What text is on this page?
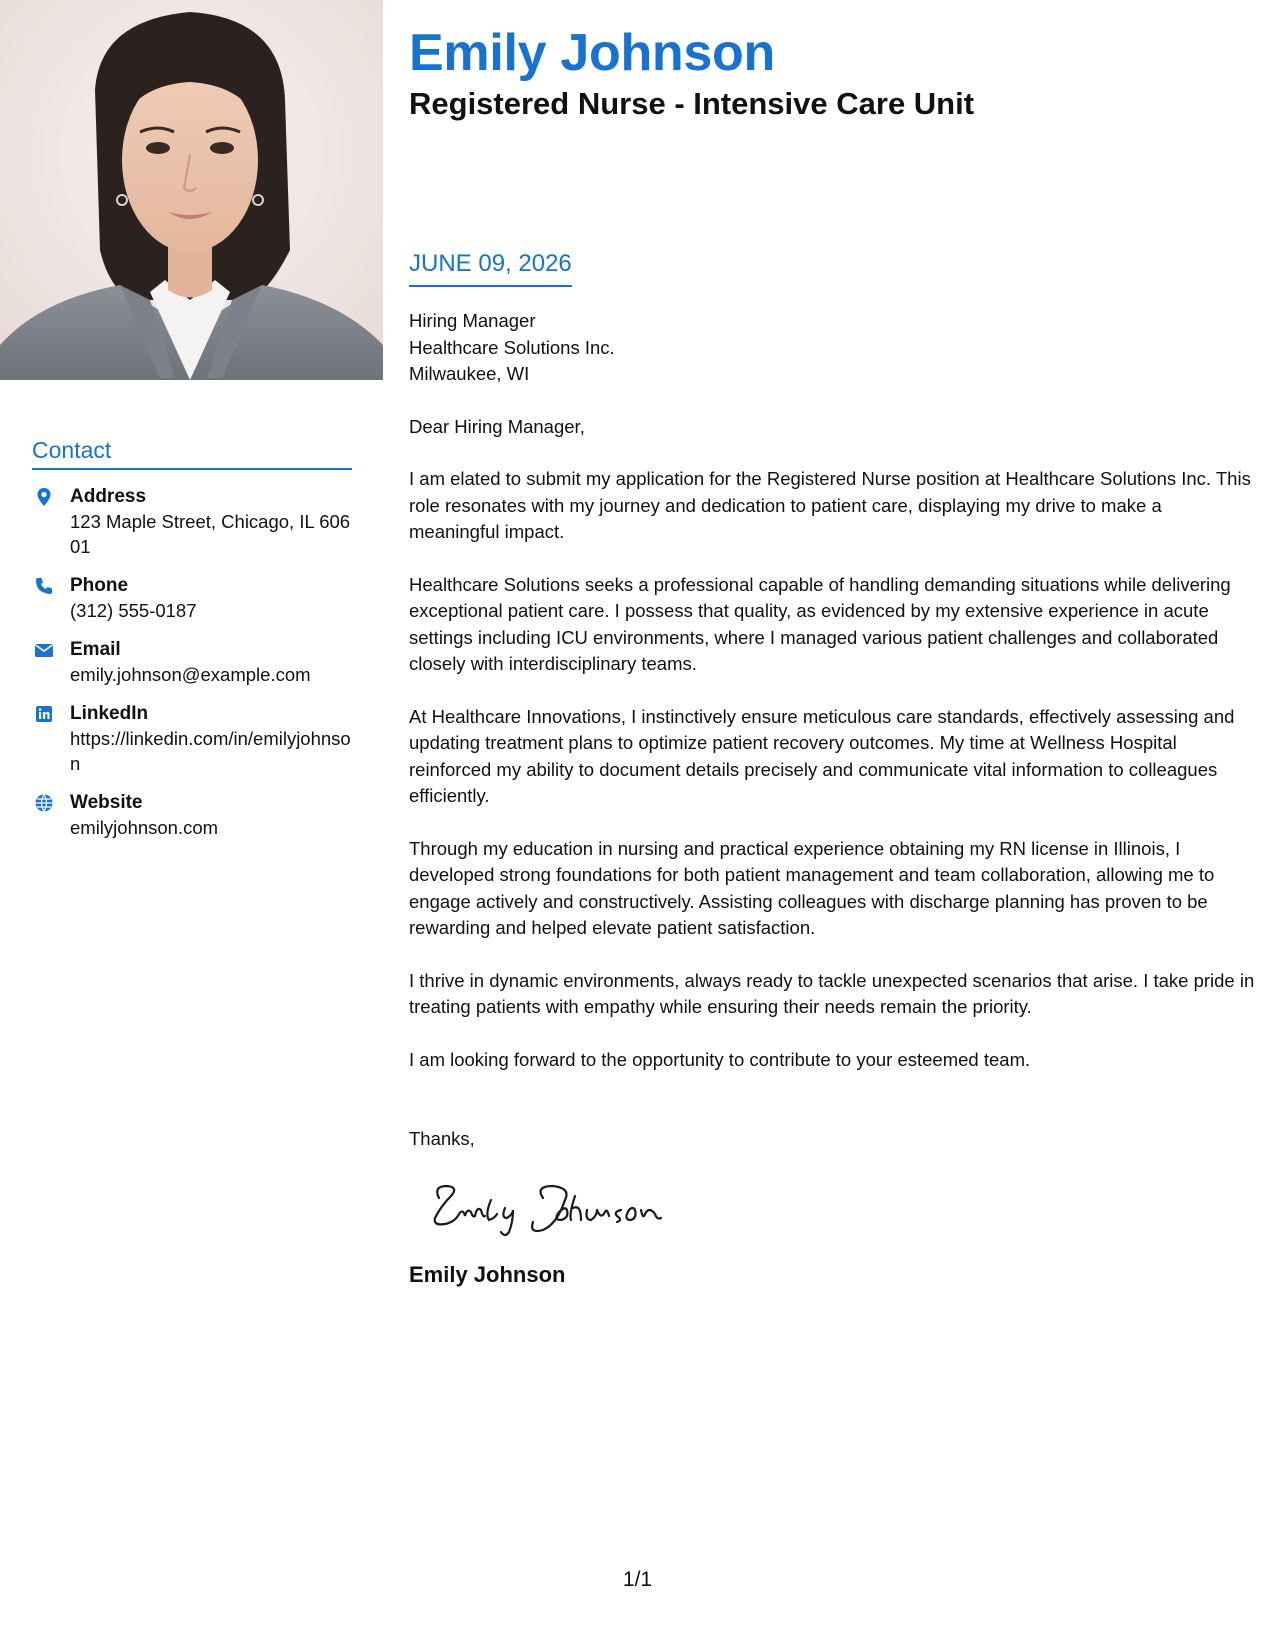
Contact
Address
123 Maple Street, Chicago, IL 60601
Phone
(312) 555-0187
Email
emily.johnson@example.com
LinkedIn
https://linkedin.com/in/emilyjohnson
Website
emilyjohnson.com
Emily Johnson
Registered Nurse - Intensive Care Unit
JUNE 09, 2026
Hiring Manager
Healthcare Solutions Inc.
Milwaukee, WI

Dear Hiring Manager,

I am elated to submit my application for the Registered Nurse position at Healthcare Solutions Inc. This role resonates with my journey and dedication to patient care, displaying my drive to make a meaningful impact.

Healthcare Solutions seeks a professional capable of handling demanding situations while delivering exceptional patient care. I possess that quality, as evidenced by my extensive experience in acute settings including ICU environments, where I managed various patient challenges and collaborated closely with interdisciplinary teams.

At Healthcare Innovations, I instinctively ensure meticulous care standards, effectively assessing and updating treatment plans to optimize patient recovery outcomes. My time at Wellness Hospital reinforced my ability to document details precisely and communicate vital information to colleagues efficiently.

Through my education in nursing and practical experience obtaining my RN license in Illinois, I developed strong foundations for both patient management and team collaboration, allowing me to engage actively and constructively. Assisting colleagues with discharge planning has proven to be rewarding and helped elevate patient satisfaction.

I thrive in dynamic environments, always ready to tackle unexpected scenarios that arise. I take pride in treating patients with empathy while ensuring their needs remain the priority.

I am looking forward to the opportunity to contribute to your esteemed team.

Thanks,
Emily Johnson
1/1
